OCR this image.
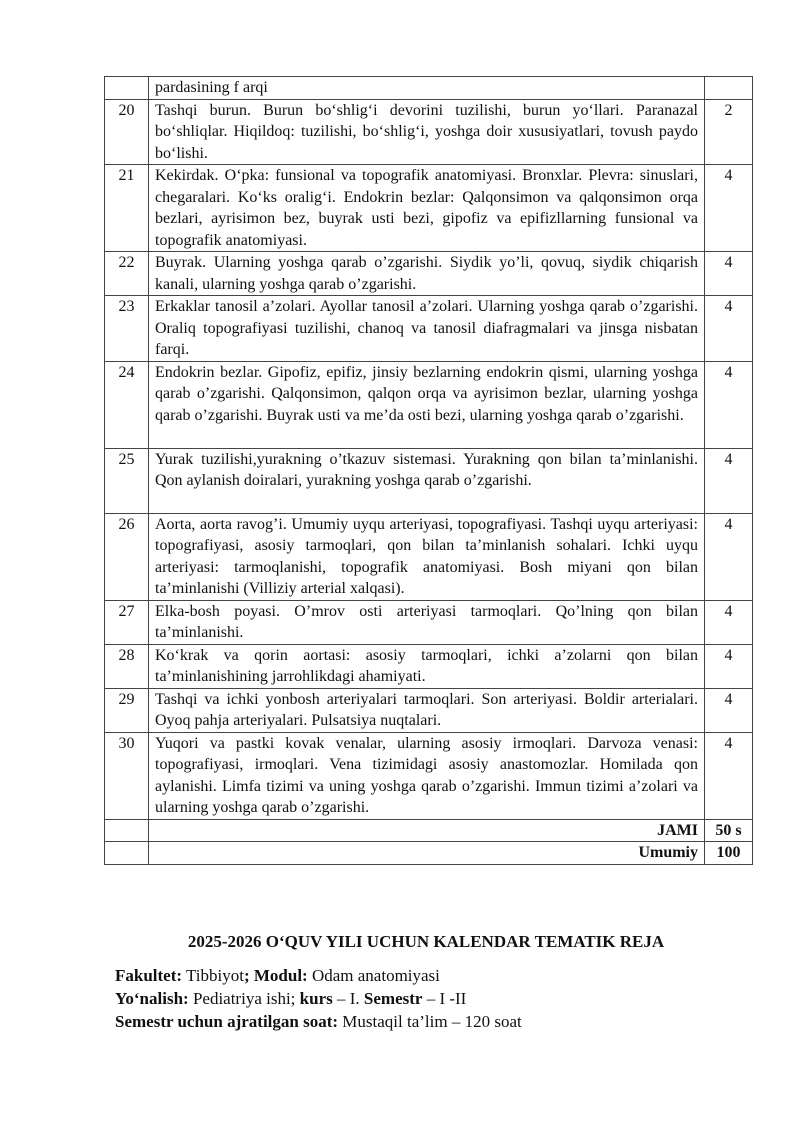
	pardasining f arqi	
20	Tashqi burun. Burun bo‘shlig‘i devorini tuzilishi, burun yo‘llari. Paranazal bo‘shliqlar. Hiqildoq: tuzilishi, bo‘shlig‘i, yoshga doir xususiyatlari, tovush paydo bo‘lishi.	2
21	Kekirdak. O‘pka: funsional va topografik anatomiyasi. Bronxlar. Plevra: sinuslari, chegaralari. Ko‘ks oralig‘i. Endokrin bezlar: Qalqonsimon va qalqonsimon orqa bezlari, ayrisimon bez, buyrak usti bezi, gipofiz va epifizllarning funsional va topografik anatomiyasi.	4
22	Buyrak. Ularning yoshga qarab o’zgarishi. Siydik yo’li, qovuq, siydik chiqarish kanali, ularning yoshga qarab o’zgarishi.	4
23	Erkaklar tanosil a’zolari. Ayollar tanosil a’zolari. Ularning yoshga qarab o’zgarishi. Oraliq topografiyasi tuzilishi, chanoq va tanosil diafragmalari va jinsga nisbatan farqi.	4
24	Endokrin bezlar. Gipofiz, epifiz, jinsiy bezlarning endokrin qismi, ularning yoshga qarab o’zgarishi. Qalqonsimon, qalqon orqa va ayrisimon bezlar, ularning yoshga qarab o’zgarishi. Buyrak usti va me’da osti bezi, ularning yoshga qarab o’zgarishi.	4
25	Yurak tuzilishi,yurakning o’tkazuv sistemasi. Yurakning qon bilan ta’minlanishi. Qon aylanish doiralari, yurakning yoshga qarab o’zgarishi.	4
26	Aorta, aorta ravog’i. Umumiy uyqu arteriyasi, topografiyasi. Tashqi uyqu arteriyasi: topografiyasi, asosiy tarmoqlari, qon bilan ta’minlanish sohalari. Ichki uyqu arteriyasi: tarmoqlanishi, topografik anatomiyasi. Bosh miyani qon bilan ta’minlanishi (Villiziy arterial xalqasi).	4
27	Elka-bosh poyasi. O’mrov osti arteriyasi tarmoqlari. Qo’lning qon bilan ta’minlanishi.	4
28	Ko‘krak va qorin aortasi: asosiy tarmoqlari, ichki a’zolarni qon bilan ta’minlanishining jarrohlikdagi ahamiyati.	4
29	Tashqi va ichki yonbosh arteriyalari tarmoqlari. Son arteriyasi. Boldir arterialari. Oyoq pahja arteriyalari. Pulsatsiya nuqtalari.	4
30	Yuqori va pastki kovak venalar, ularning asosiy irmoqlari. Darvoza venasi: topografiyasi, irmoqlari. Vena tizimidagi asosiy anastomozlar. Homilada qon aylanishi. Limfa tizimi va uning yoshga qarab o’zgarishi. Immun tizimi a’zolari va ularning yoshga qarab o’zgarishi.	4
	JAMI	50 s
	Umumiy	100
2025-2026 O‘QUV YILI UCHUN KALENDAR TEMATIK REJA
Fakultet: Tibbiyot; Modul: Odam anatomiyasi
Yo‘nalish: Pediatriya ishi; kurs – I. Semestr – I -II
Semestr uchun ajratilgan soat: Mustaqil ta’lim – 120 soat
